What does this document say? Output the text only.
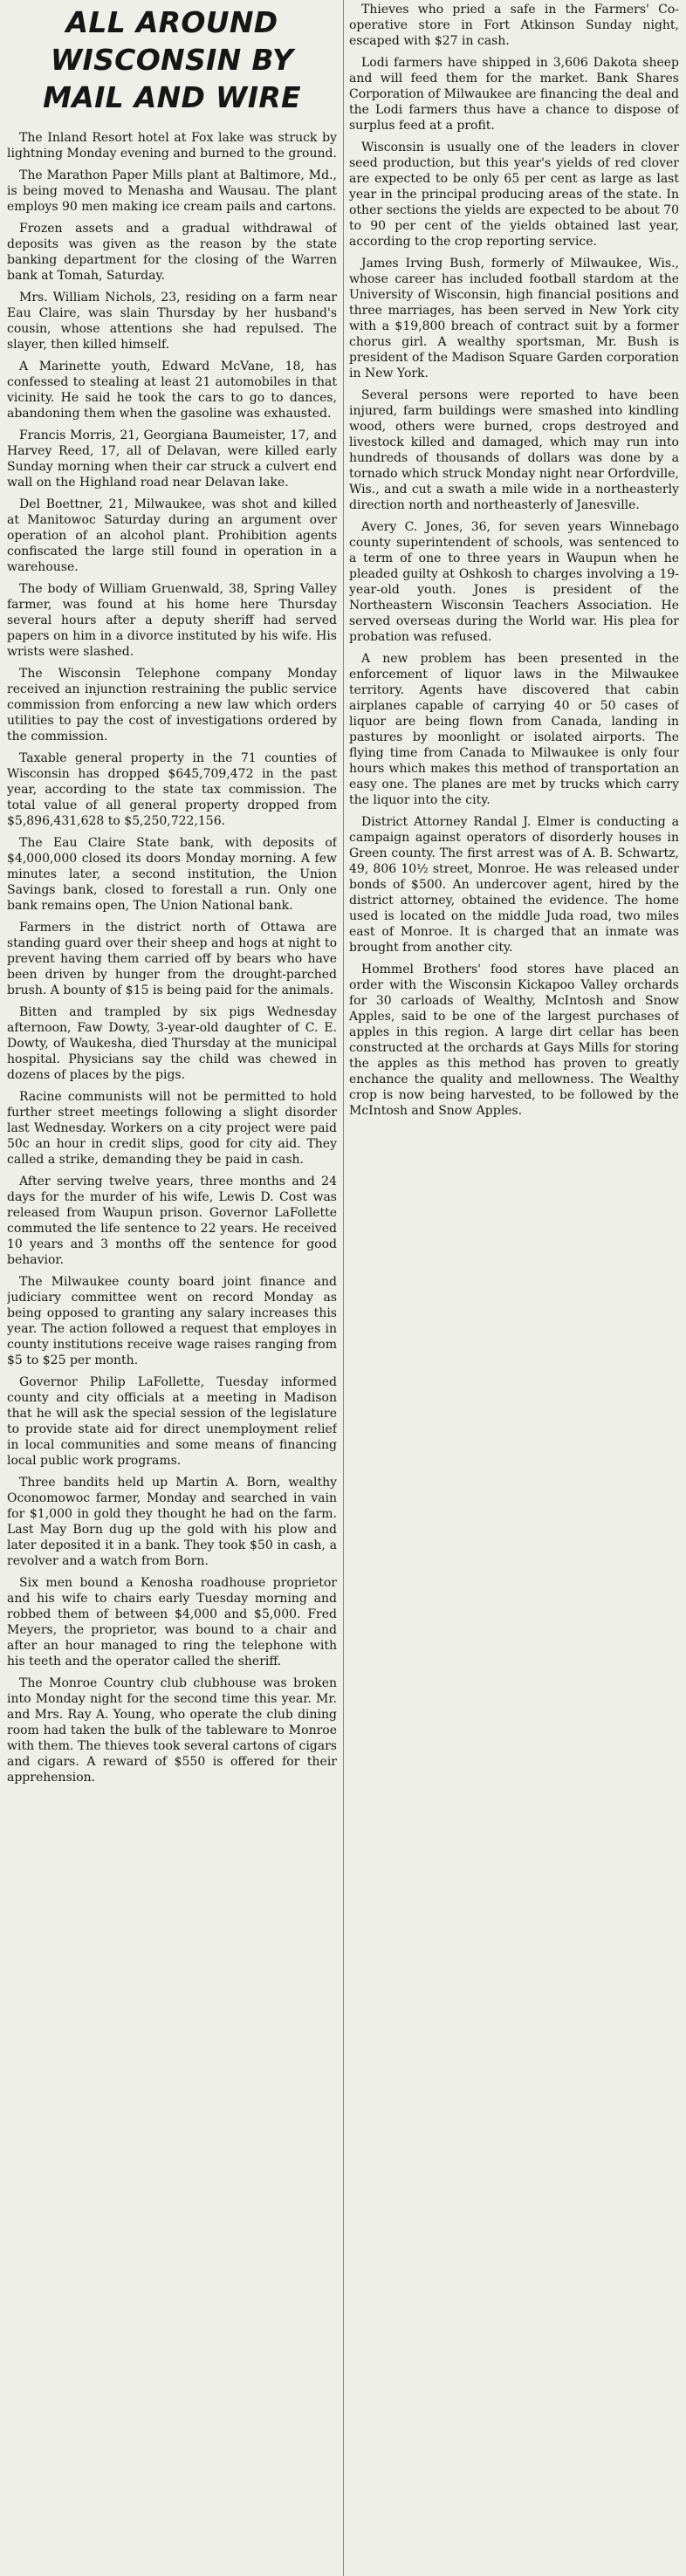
ALL AROUND
WISCONSIN BY
MAIL AND WIRE

The Inland Resort hotel at Fox lake was struck by lightning Monday evening and burned to the ground.

The Marathon Paper Mills plant at Baltimore, Md., is being moved to Menasha and Wausau. The plant employs 90 men making ice cream pails and cartons.

Frozen assets and a gradual withdrawal of deposits was given as the reason by the state banking department for the closing of the Warren bank at Tomah, Saturday.

Mrs. William Nichols, 23, residing on a farm near Eau Claire, was slain Thursday by her husband's cousin, whose attentions she had repulsed. The slayer, then killed himself.

A Marinette youth, Edward McVane, 18, has confessed to stealing at least 21 automobiles in that vicinity. He said he took the cars to go to dances, abandoning them when the gasoline was exhausted.

Francis Morris, 21, Georgiana Baumeister, 17, and Harvey Reed, 17, all of Delavan, were killed early Sunday morning when their car struck a culvert end wall on the Highland road near Delavan lake.

Del Boettner, 21, Milwaukee, was shot and killed at Manitowoc Saturday during an argument over operation of an alcohol plant. Prohibition agents confiscated the large still found in operation in a warehouse.

The body of William Gruenwald, 38, Spring Valley farmer, was found at his home here Thursday several hours after a deputy sheriff had served papers on him in a divorce instituted by his wife. His wrists were slashed.

The Wisconsin Telephone company Monday received an injunction restraining the public service commission from enforcing a new law which orders utilities to pay the cost of investigations ordered by the commission.

Taxable general property in the 71 counties of Wisconsin has dropped $645,709,472 in the past year, according to the state tax commission. The total value of all general property dropped from $5,896,431,628 to $5,250,722,156.

The Eau Claire State bank, with deposits of $4,000,000 closed its doors Monday morning. A few minutes later, a second institution, the Union Savings bank, closed to forestall a run. Only one bank remains open, The Union National bank.

Farmers in the district north of Ottawa are standing guard over their sheep and hogs at night to prevent having them carried off by bears who have been driven by hunger from the drought-parched brush. A bounty of $15 is being paid for the animals.

Bitten and trampled by six pigs Wednesday afternoon, Faw Dowty, 3-year-old daughter of C. E. Dowty, of Waukesha, died Thursday at the municipal hospital. Physicians say the child was chewed in dozens of places by the pigs.

Racine communists will not be permitted to hold further street meetings following a slight disorder last Wednesday. Workers on a city project were paid 50c an hour in credit slips, good for city aid. They called a strike, demanding they be paid in cash.

After serving twelve years, three months and 24 days for the murder of his wife, Lewis D. Cost was released from Waupun prison. Governor LaFollette commuted the life sentence to 22 years. He received 10 years and 3 months off the sentence for good behavior.

The Milwaukee county board joint finance and judiciary committee went on record Monday as being opposed to granting any salary increases this year. The action followed a request that employes in county institutions receive wage raises ranging from $5 to $25 per month.

Governor Philip LaFollette, Tuesday informed county and city officials at a meeting in Madison that he will ask the special session of the legislature to provide state aid for direct unemployment relief in local communities and some means of financing local public work programs.

Three bandits held up Martin A. Born, wealthy Oconomowoc farmer, Monday and searched in vain for $1,000 in gold they thought he had on the farm. Last May Born dug up the gold with his plow and later deposited it in a bank. They took $50 in cash, a revolver and a watch from Born.

Six men bound a Kenosha roadhouse proprietor and his wife to chairs early Tuesday morning and robbed them of between $4,000 and $5,000. Fred Meyers, the proprietor, was bound to a chair and after an hour managed to ring the telephone with his teeth and the operator called the sheriff.

The Monroe Country club clubhouse was broken into Monday night for the second time this year. Mr. and Mrs. Ray A. Young, who operate the club dining room had taken the bulk of the tableware to Monroe with them. The thieves took several cartons of cigars and cigars. A reward of $550 is offered for their apprehension.

Thieves who pried a safe in the Farmers' Co-operative store in Fort Atkinson Sunday night, escaped with $27 in cash.

Lodi farmers have shipped in 3,606 Dakota sheep and will feed them for the market. Bank Shares Corporation of Milwaukee are financing the deal and the Lodi farmers thus have a chance to dispose of surplus feed at a profit.

Wisconsin is usually one of the leaders in clover seed production, but this year's yields of red clover are expected to be only 65 per cent as large as last year in the principal producing areas of the state. In other sections the yields are expected to be about 70 to 90 per cent of the yields obtained last year, according to the crop reporting service.

James Irving Bush, formerly of Milwaukee, Wis., whose career has included football stardom at the University of Wisconsin, high financial positions and three marriages, has been served in New York city with a $19,800 breach of contract suit by a former chorus girl. A wealthy sportsman, Mr. Bush is president of the Madison Square Garden corporation in New York.

Several persons were reported to have been injured, farm buildings were smashed into kindling wood, others were burned, crops destroyed and livestock killed and damaged, which may run into hundreds of thousands of dollars was done by a tornado which struck Monday night near Orfordville, Wis., and cut a swath a mile wide in a northeasterly direction north and northeasterly of Janesville.

Avery C. Jones, 36, for seven years Winnebago county superintendent of schools, was sentenced to a term of one to three years in Waupun when he pleaded guilty at Oshkosh to charges involving a 19-year-old youth. Jones is president of the Northeastern Wisconsin Teachers Association. He served overseas during the World war. His plea for probation was refused.

A new problem has been presented in the enforcement of liquor laws in the Milwaukee territory. Agents have discovered that cabin airplanes capable of carrying 40 or 50 cases of liquor are being flown from Canada, landing in pastures by moonlight or isolated airports. The flying time from Canada to Milwaukee is only four hours which makes this method of transportation an easy one. The planes are met by trucks which carry the liquor into the city.

District Attorney Randal J. Elmer is conducting a campaign against operators of disorderly houses in Green county. The first arrest was of A. B. Schwartz, 49, 806 10½ street, Monroe. He was released under bonds of $500. An undercover agent, hired by the district attorney, obtained the evidence. The home used is located on the middle Juda road, two miles east of Monroe. It is charged that an inmate was brought from another city.

Hommel Brothers' food stores have placed an order with the Wisconsin Kickapoo Valley orchards for 30 carloads of Wealthy, McIntosh and Snow Apples, said to be one of the largest purchases of apples in this region. A large dirt cellar has been constructed at the orchards at Gays Mills for storing the apples as this method has proven to greatly enchance the quality and mellowness. The Wealthy crop is now being harvested, to be followed by the McIntosh and Snow Apples.
